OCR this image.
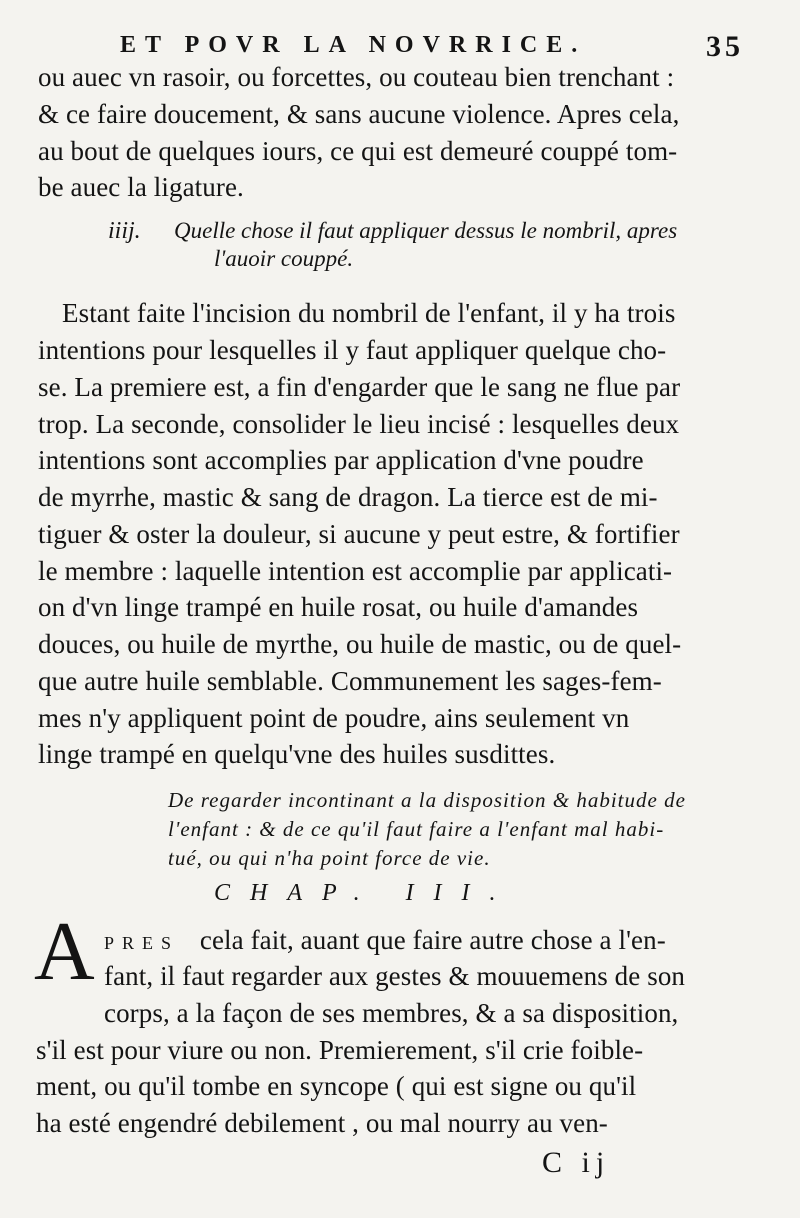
ET POVR LA NOVRRICE.	35
ou auec vn rasoir, ou forcettes, ou couteau bien trenchant :
& ce faire doucement, & sans aucune violence. Apres cela,
au bout de quelques iours, ce qui est demeuré couppé tom-
be auec la ligature.
iiij. Quelle chose il faut appliquer dessus le nombril, apres
l'auoir couppé.
Estant faite l'incision du nombril de l'enfant, il y ha trois
intentions pour lesquelles il y faut appliquer quelque cho-
se. La premiere est, a fin d'engarder que le sang ne flue par
trop. La seconde, consolider le lieu incisé : lesquelles deux
intentions sont accomplies par application d'vne poudre
de myrrhe, mastic & sang de dragon. La tierce est de mi-
tiguer & oster la douleur, si aucune y peut estre, & fortifier
le membre : laquelle intention est accomplie par applicati-
on d'vn linge trampé en huile rosat, ou huile d'amandes
douces, ou huile de myrthe, ou huile de mastic, ou de quel-
que autre huile semblable. Communement les sages-fem-
mes n'y appliquent point de poudre, ains seulement vn
linge trampé en quelqu'vne des huiles susdittes.
De regarder incontinant a la disposition & habitude de
l'enfant : & de ce qu'il faut faire a l'enfant mal habi-
tué, ou qui n'ha point force de vie.
CHAP. III.
A PRES cela fait, auant que faire autre chose a l'en-
fant, il faut regarder aux gestes & mouuemens de son
corps, a la façon de ses membres, & a sa disposition,
s'il est pour viure ou non. Premierement, s'il crie foible-
ment, ou qu'il tombe en syncope ( qui est signe ou qu'il
ha esté engendré debilement , ou mal nourry au ven-
C ij
